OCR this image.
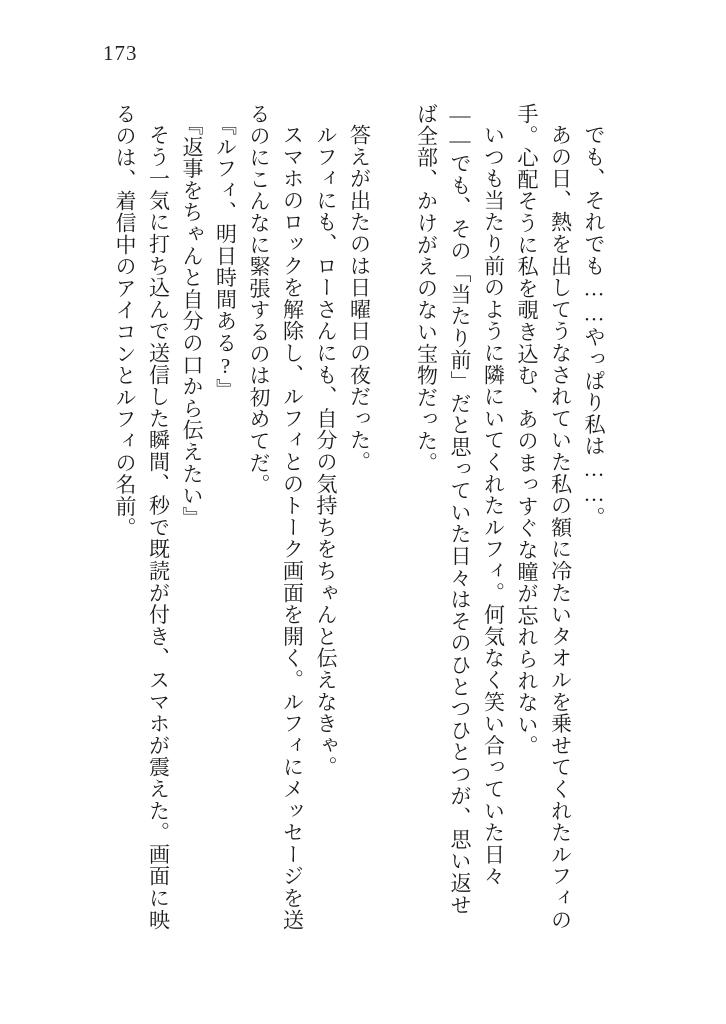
173

でも、それでも……やっぱり私は……。

あの日、熱を出してうなされていた私の額に冷たいタオルを乗せてくれたルフィの手。心配そうに私を覗き込む、あのまっすぐな瞳が忘れられない。

いつも当たり前のように隣にいてくれたルフィ。何気なく笑い合っていた日々――でも、その「当たり前」だと思っていた日々はそのひとつひとつが、思い返せば全部、かけがえのない宝物だった。

答えが出たのは日曜日の夜だった。

ルフィにも、ローさんにも、自分の気持ちをちゃんと伝えなきゃ。

スマホのロックを解除し、ルフィとのトーク画面を開く。ルフィにメッセージを送るのにこんなに緊張するのは初めてだ。

『ルフィ、明日時間ある?』

『返事をちゃんと自分の口から伝えたい』

そう一気に打ち込んで送信した瞬間、秒で既読が付き、スマホが震えた。画面に映るのは、着信中のアイコンとルフィの名前。
